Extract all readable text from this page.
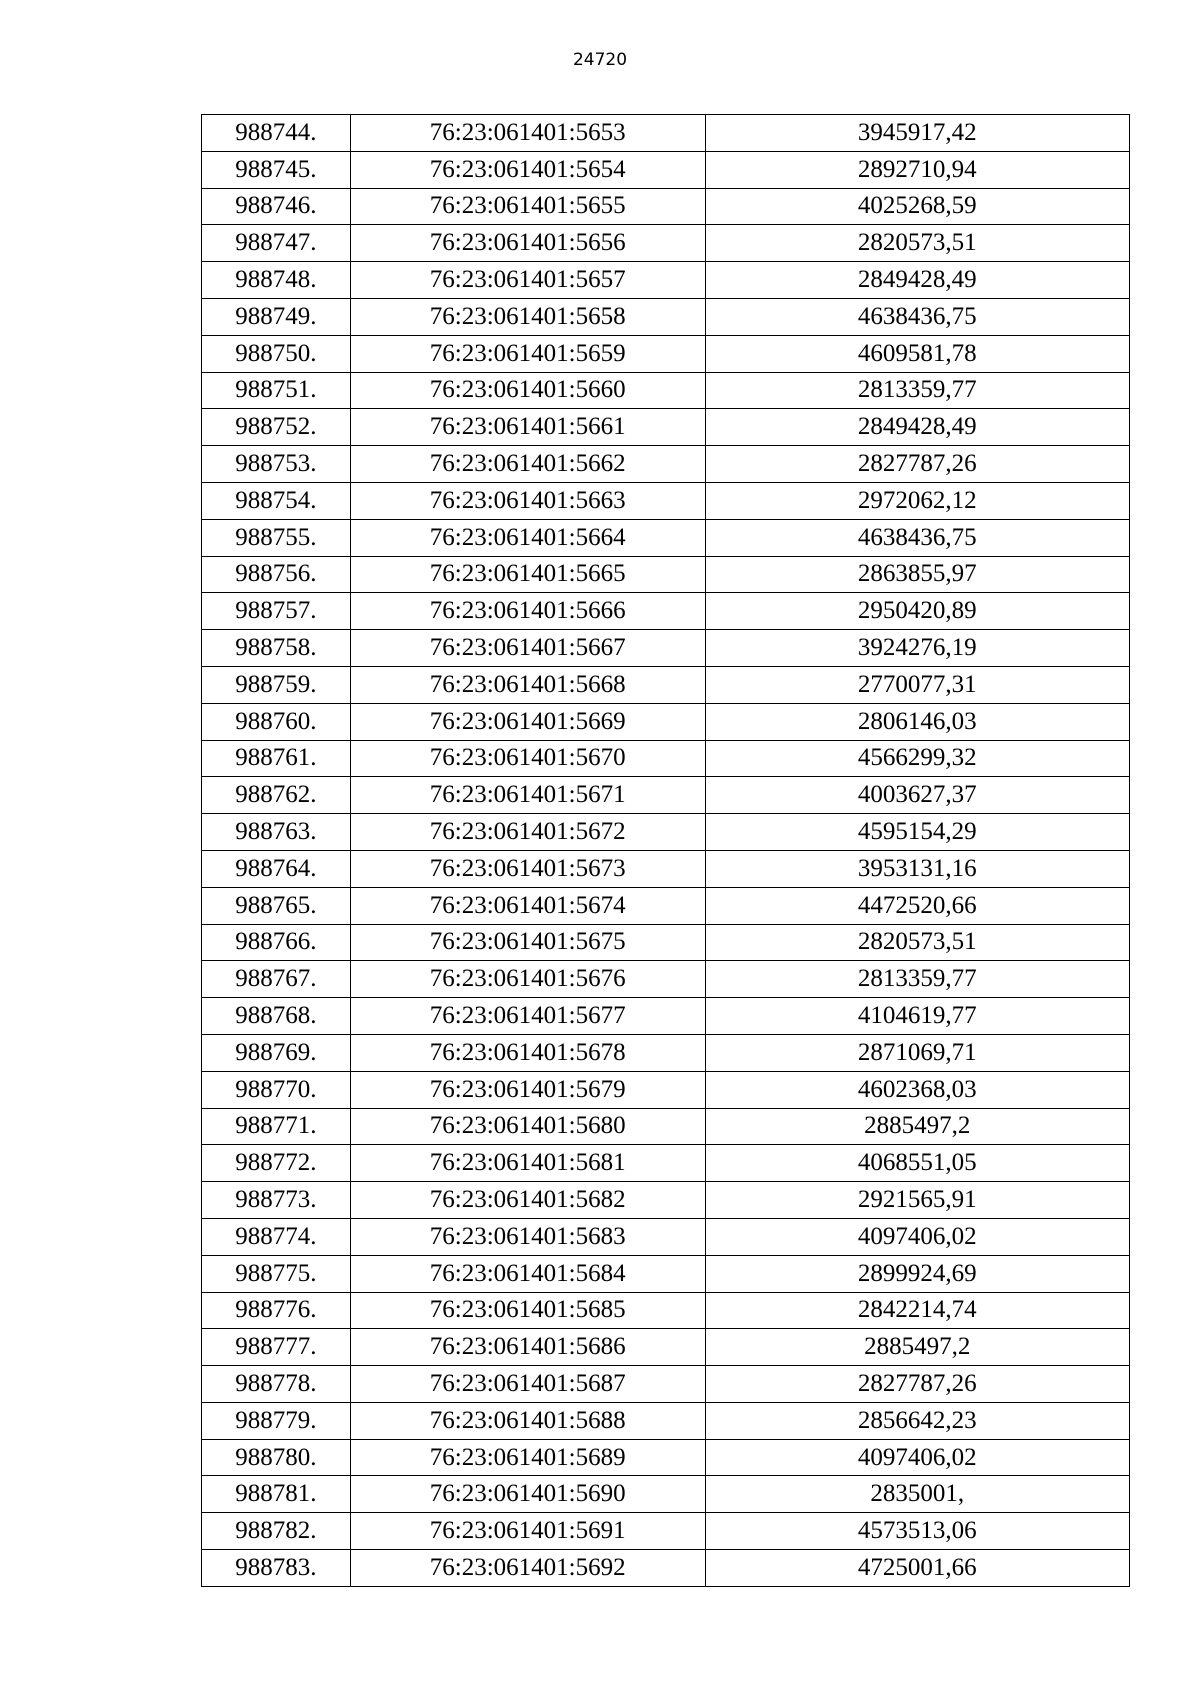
24720
988744.	76:23:061401:5653	3945917,42
988745.	76:23:061401:5654	2892710,94
988746.	76:23:061401:5655	4025268,59
988747.	76:23:061401:5656	2820573,51
988748.	76:23:061401:5657	2849428,49
988749.	76:23:061401:5658	4638436,75
988750.	76:23:061401:5659	4609581,78
988751.	76:23:061401:5660	2813359,77
988752.	76:23:061401:5661	2849428,49
988753.	76:23:061401:5662	2827787,26
988754.	76:23:061401:5663	2972062,12
988755.	76:23:061401:5664	4638436,75
988756.	76:23:061401:5665	2863855,97
988757.	76:23:061401:5666	2950420,89
988758.	76:23:061401:5667	3924276,19
988759.	76:23:061401:5668	2770077,31
988760.	76:23:061401:5669	2806146,03
988761.	76:23:061401:5670	4566299,32
988762.	76:23:061401:5671	4003627,37
988763.	76:23:061401:5672	4595154,29
988764.	76:23:061401:5673	3953131,16
988765.	76:23:061401:5674	4472520,66
988766.	76:23:061401:5675	2820573,51
988767.	76:23:061401:5676	2813359,77
988768.	76:23:061401:5677	4104619,77
988769.	76:23:061401:5678	2871069,71
988770.	76:23:061401:5679	4602368,03
988771.	76:23:061401:5680	2885497,2
988772.	76:23:061401:5681	4068551,05
988773.	76:23:061401:5682	2921565,91
988774.	76:23:061401:5683	4097406,02
988775.	76:23:061401:5684	2899924,69
988776.	76:23:061401:5685	2842214,74
988777.	76:23:061401:5686	2885497,2
988778.	76:23:061401:5687	2827787,26
988779.	76:23:061401:5688	2856642,23
988780.	76:23:061401:5689	4097406,02
988781.	76:23:061401:5690	2835001,
988782.	76:23:061401:5691	4573513,06
988783.	76:23:061401:5692	4725001,66
